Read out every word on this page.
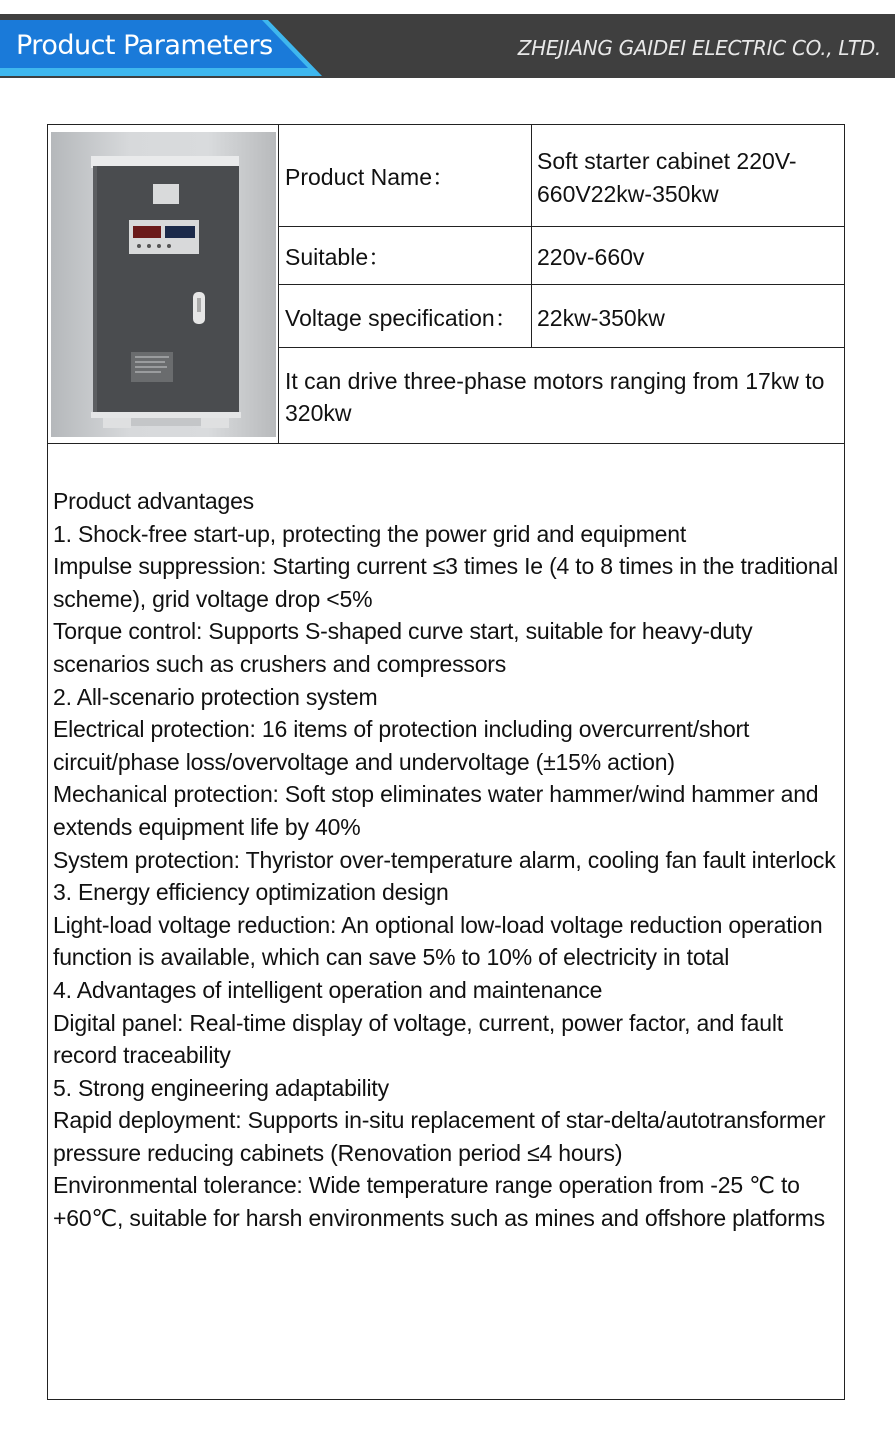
Product Parameters	ZHEJIANG GAIDEI ELECTRIC CO., LTD.
Product Name：
Soft starter cabinet 220V-660V22kw-350kw
Suitable：	220v-660v
Voltage specification： 22kw-350kw
It can drive three-phase motors ranging from 17kw to 320kw
Product advantages
1. Shock-free start-up, protecting the power grid and equipment
Impulse suppression: Starting current ≤3 times Ie (4 to 8 times in the traditional scheme), grid voltage drop <5%
Torque control: Supports S-shaped curve start, suitable for heavy-duty scenarios such as crushers and compressors
2. All-scenario protection system
Electrical protection: 16 items of protection including overcurrent/short circuit/phase loss/overvoltage and undervoltage (±15% action)
Mechanical protection: Soft stop eliminates water hammer/wind hammer and extends equipment life by 40%
System protection: Thyristor over-temperature alarm, cooling fan fault interlock
3. Energy efficiency optimization design
Light-load voltage reduction: An optional low-load voltage reduction operation function is available, which can save 5% to 10% of electricity in total
4. Advantages of intelligent operation and maintenance
Digital panel: Real-time display of voltage, current, power factor, and fault record traceability
5. Strong engineering adaptability
Rapid deployment: Supports in-situ replacement of star-delta/autotransformer pressure reducing cabinets (Renovation period ≤4 hours)
Environmental tolerance: Wide temperature range operation from -25 ℃ to +60℃, suitable for harsh environments such as mines and offshore platforms
